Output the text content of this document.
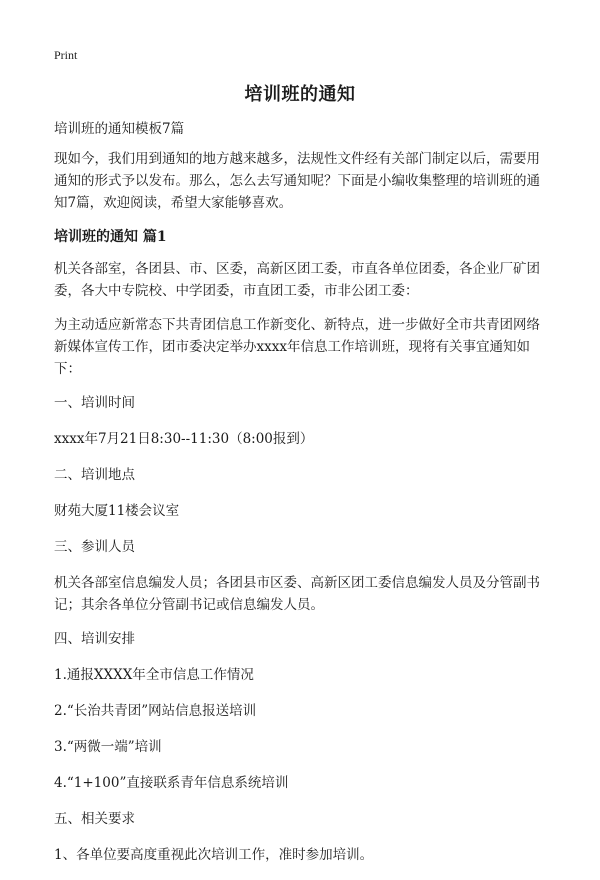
Print
培训班的通知

培训班的通知模板7篇

现如今，我们用到通知的地方越来越多，法规性文件经有关部门制定以后，需要用通知的形式予以发布。那么，怎么去写通知呢？下面是小编收集整理的培训班的通知7篇，欢迎阅读，希望大家能够喜欢。

培训班的通知 篇1

机关各部室，各团县、市、区委，高新区团工委，市直各单位团委，各企业厂矿团委，各大中专院校、中学团委，市直团工委，市非公团工委：

为主动适应新常态下共青团信息工作新变化、新特点，进一步做好全市共青团网络新媒体宣传工作，团市委决定举办xxxx年信息工作培训班，现将有关事宜通知如下：

一、培训时间

xxxx年7月21日8:30--11:30（8:00报到）

二、培训地点

财苑大厦11楼会议室

三、参训人员

机关各部室信息编发人员；各团县市区委、高新区团工委信息编发人员及分管副书记；其余各单位分管副书记或信息编发人员。

四、培训安排

1.通报XXXX年全市信息工作情况

2.“长治共青团”网站信息报送培训

3.“两微一端”培训

4.“1+100”直接联系青年信息系统培训

五、相关要求

1、各单位要高度重视此次培训工作，准时参加培训。
